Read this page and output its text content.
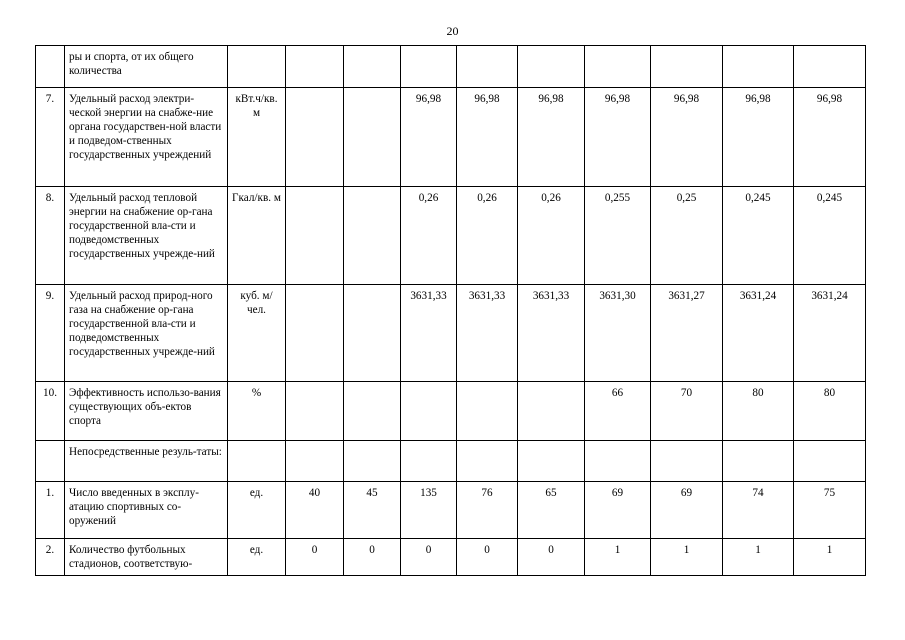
20
	ры и спорта, от их общего количества										
7.	Удельный расход электри-ческой энергии на снабже-ние органа государствен-ной власти и подведом-ственных государственных учреждений	кВт.ч/кв. м			96,98	96,98	96,98	96,98	96,98	96,98	96,98
8.	Удельный расход тепловой энергии на снабжение ор-гана государственной вла-сти и подведомственных государственных учрежде-ний	Гкал/кв. м			0,26	0,26	0,26	0,255	0,25	0,245	0,245
9.	Удельный расход природ-ного газа на снабжение ор-гана государственной вла-сти и подведомственных государственных учрежде-ний	куб. м/чел.			3631,33	3631,33	3631,33	3631,30	3631,27	3631,24	3631,24
10.	Эффективность использо-вания существующих объ-ектов спорта	%						66	70	80	80
	Непосредственные резуль-таты:										
1.	Число введенных в эксплу-атацию спортивных со-оружений	ед.	40	45	135	76	65	69	69	74	75
2.	Количество футбольных стадионов, соответствую-	ед.	0	0	0	0	0	1	1	1	1
